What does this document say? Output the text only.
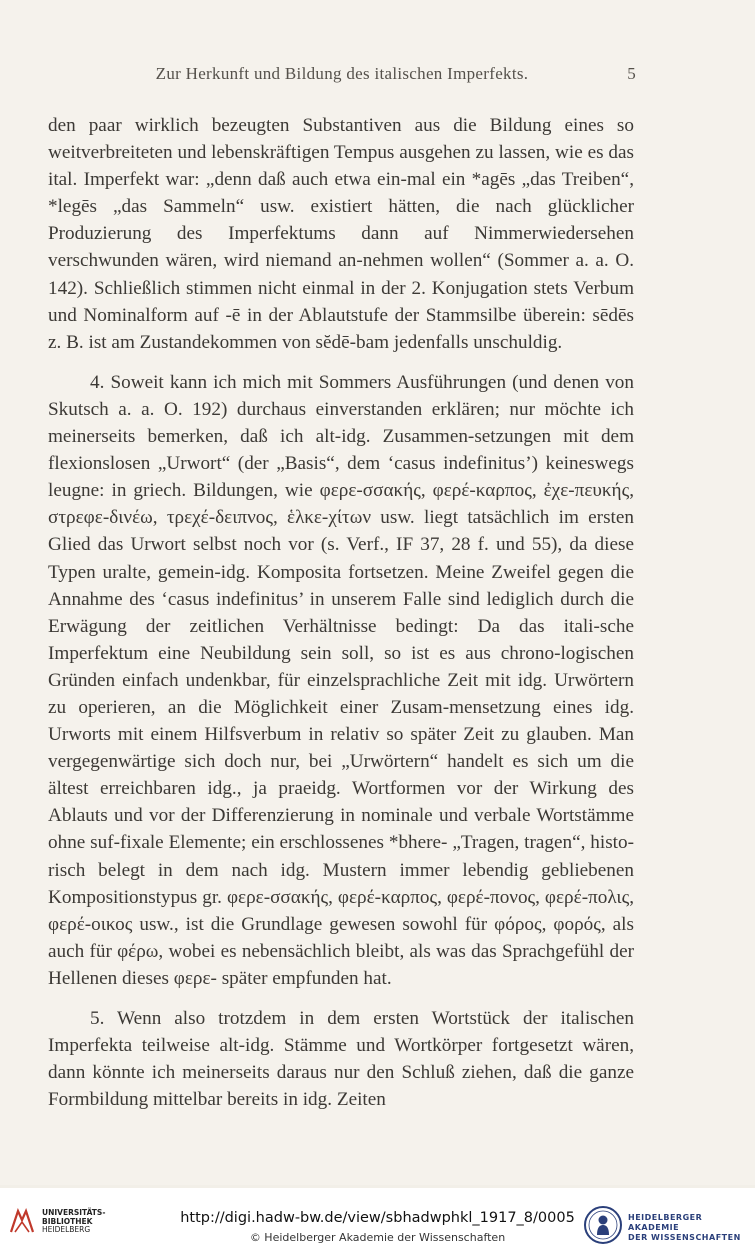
Zur Herkunft und Bildung des italischen Imperfekts.	5

den paar wirklich bezeugten Substantiven aus die Bildung eines so weitverbreiteten und lebenskräftigen Tempus ausgehen zu lassen, wie es das ital. Imperfekt war: „denn daß auch etwa ein-mal ein *agēs „das Treiben“, *legēs „das Sammeln“ usw. existiert hätten, die nach glücklicher Produzierung des Imperfektums dann auf Nimmerwiedersehen verschwunden wären, wird niemand an-nehmen wollen“ (Sommer a. a. O. 142). Schließlich stimmen nicht einmal in der 2. Konjugation stets Verbum und Nominalform auf -ē in der Ablautstufe der Stammsilbe überein: sēdēs z. B. ist am Zustandekommen von sĕdē-bam jedenfalls unschuldig.

4. Soweit kann ich mich mit Sommers Ausführungen (und denen von Skutsch a. a. O. 192) durchaus einverstanden erklären; nur möchte ich meinerseits bemerken, daß ich alt-idg. Zusammen-setzungen mit dem flexionslosen „Urwort“ (der „Basis“, dem ‘casus indefinitus’) keineswegs leugne: in griech. Bildungen, wie φερε-σσακής, φερέ-καρπος, ἐχε-πευκής, στρεφε-δινέω, τρεχέ-δειπνος, ἑλκε-χίτων usw. liegt tatsächlich im ersten Glied das Urwort selbst noch vor (s. Verf., IF 37, 28 f. und 55), da diese Typen uralte, gemein-idg. Komposita fortsetzen. Meine Zweifel gegen die Annahme des ‘casus indefinitus’ in unserem Falle sind lediglich durch die Erwägung der zeitlichen Verhältnisse bedingt: Da das itali-sche Imperfektum eine Neubildung sein soll, so ist es aus chrono-logischen Gründen einfach undenkbar, für einzelsprachliche Zeit mit idg. Urwörtern zu operieren, an die Möglichkeit einer Zusam-mensetzung eines idg. Urworts mit einem Hilfsverbum in relativ so später Zeit zu glauben. Man vergegenwärtige sich doch nur, bei „Urwörtern“ handelt es sich um die ältest erreichbaren idg., ja praeidg. Wortformen vor der Wirkung des Ablauts und vor der Differenzierung in nominale und verbale Wortstämme ohne suf-fixale Elemente; ein erschlossenes *bhere- „Tragen, tragen“, histo-risch belegt in dem nach idg. Mustern immer lebendig gebliebenen Kompositionstypus gr. φερε-σσακής, φερέ-καρπος, φερέ-πονος, φερέ-πολις, φερέ-οικος usw., ist die Grundlage gewesen sowohl für φόρος, φορός, als auch für φέρω, wobei es nebensächlich bleibt, als was das Sprachgefühl der Hellenen dieses φερε- später empfunden hat.

5. Wenn also trotzdem in dem ersten Wortstück der italischen Imperfekta teilweise alt-idg. Stämme und Wortkörper fortgesetzt wären, dann könnte ich meinerseits daraus nur den Schluß ziehen, daß die ganze Formbildung mittelbar bereits in idg. Zeiten

UNIVERSITÄTS-
BIBLIOTHEK
HEIDELBERG
http://digi.hadw-bw.de/view/sbhadwphkl_1917_8/0005
© Heidelberger Akademie der Wissenschaften
HEIDELBERGER AKADEMIE
DER WISSENSCHAFTEN
